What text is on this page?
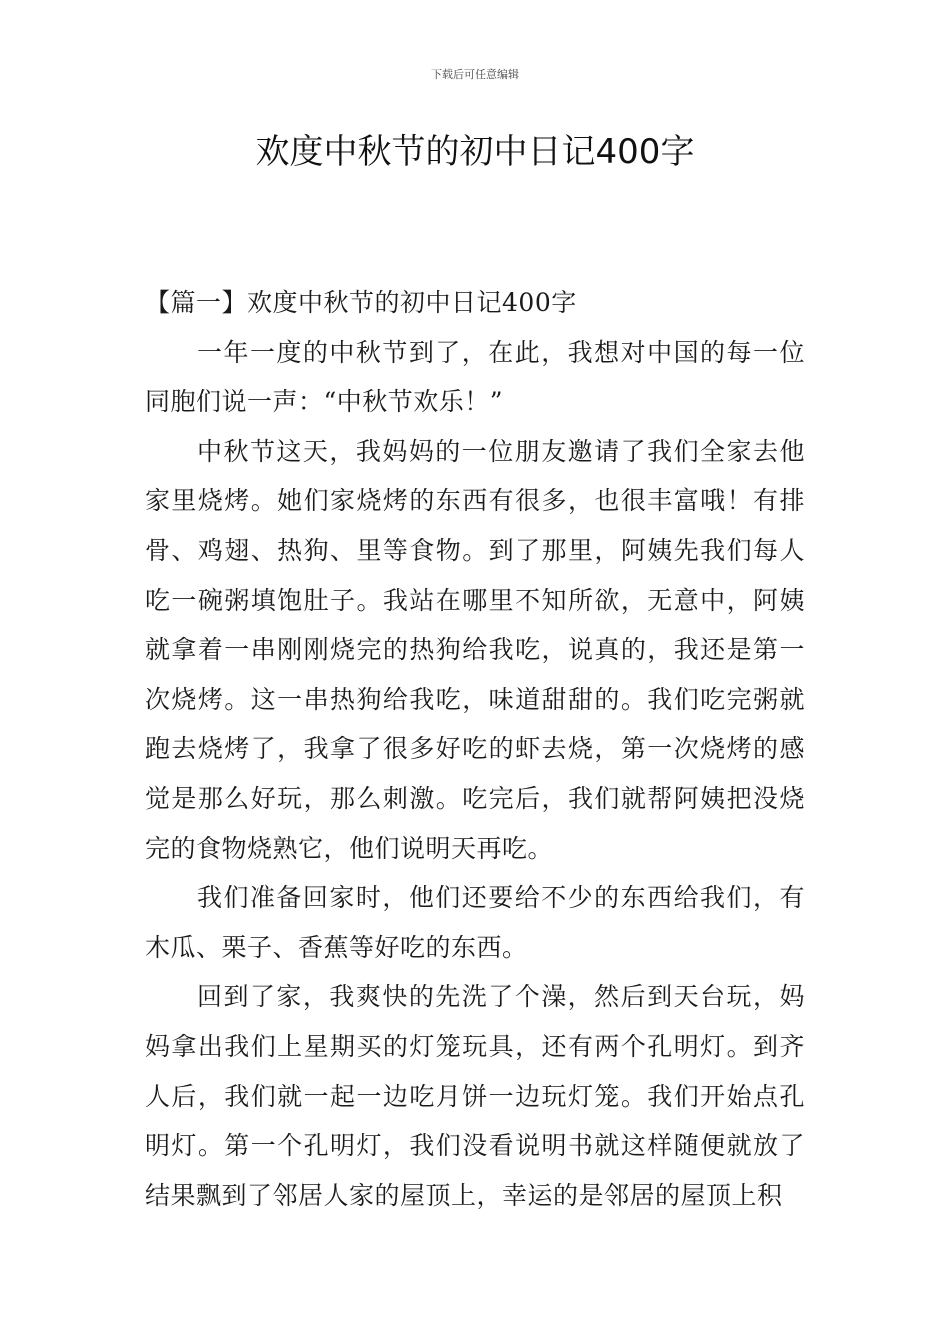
下载后可任意编辑
欢度中秋节的初中日记400字
【篇一】欢度中秋节的初中日记400字

一年一度的中秋节到了，在此，我想对中国的每一位同胞们说一声：“中秋节欢乐！”

中秋节这天，我妈妈的一位朋友邀请了我们全家去他家里烧烤。她们家烧烤的东西有很多，也很丰富哦！有排骨、鸡翅、热狗、里等食物。到了那里，阿姨先我们每人吃一碗粥填饱肚子。我站在哪里不知所欲，无意中，阿姨就拿着一串刚刚烧完的热狗给我吃，说真的，我还是第一次烧烤。这一串热狗给我吃，味道甜甜的。我们吃完粥就跑去烧烤了，我拿了很多好吃的虾去烧，第一次烧烤的感觉是那么好玩，那么刺激。吃完后，我们就帮阿姨把没烧完的食物烧熟它，他们说明天再吃。

我们准备回家时，他们还要给不少的东西给我们，有木瓜、栗子、香蕉等好吃的东西。

回到了家，我爽快的先洗了个澡，然后到天台玩，妈妈拿出我们上星期买的灯笼玩具，还有两个孔明灯。到齐人后，我们就一起一边吃月饼一边玩灯笼。我们开始点孔明灯。第一个孔明灯，我们没看说明书就这样随便就放了结果飘到了邻居人家的屋顶上，幸运的是邻居的屋顶上积
